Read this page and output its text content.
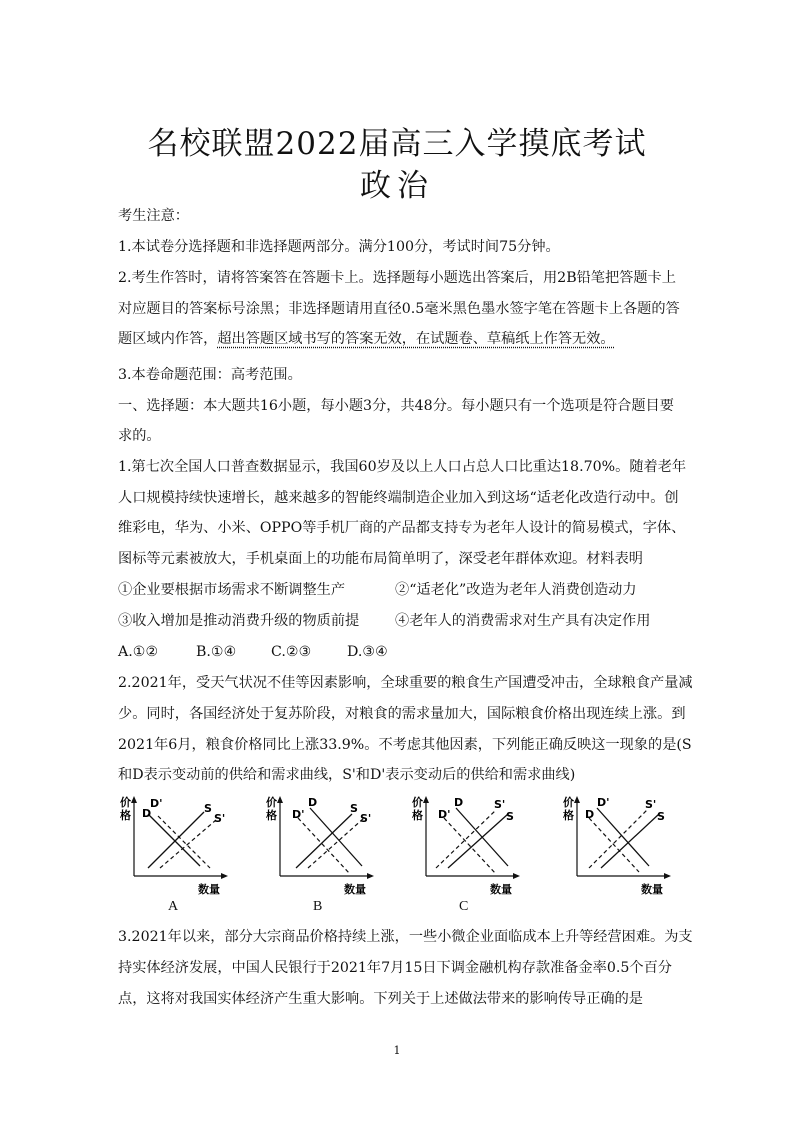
名校联盟2022届高三入学摸底考试
政治
考生注意：
1.本试卷分选择题和非选择题两部分。满分100分，考试时间75分钟。
2.考生作答时，请将答案答在答题卡上。选择题每小题选出答案后，用2B铅笔把答题卡上
对应题目的答案标号涂黑；非选择题请用直径0.5毫米黑色墨水签字笔在答题卡上各题的答
题区域内作答，超出答题区域书写的答案无效，在试题卷、草稿纸上作答无效。
3.本卷命题范围：高考范围。
一、选择题：本大题共16小题，每小题3分，共48分。每小题只有一个选项是符合题目要
求的。
1.第七次全国人口普查数据显示，我国60岁及以上人口占总人口比重达18.70%。随着老年
人口规模持续快速增长，越来越多的智能终端制造企业加入到这场“适老化改造行动中。创
维彩电，华为、小米、OPPO等手机厂商的产品都支持专为老年人设计的简易模式，字体、
图标等元素被放大，手机桌面上的功能布局简单明了，深受老年群体欢迎。材料表明
①企业要根据市场需求不断调整生产	②“适老化”改造为老年人消费创造动力
③收入增加是推动消费升级的物质前提	④老年人的消费需求对生产具有决定作用
A.①②	B.①④ C.②③	D.③④
2.2021年，受天气状况不佳等因素影响，全球重要的粮食生产国遭受冲击，全球粮食产量减
少。同时，各国经济处于复苏阶段，对粮食的需求量加大，国际粮食价格出现连续上涨。到
2021年6月，粮食价格同比上涨33.9%。不考虑其他因素，下列能正确反映这一现象的是(S
和D表示变动前的供给和需求曲线，S'和D'表示变动后的供给和需求曲线)
价
格
D'
D	S
S'
数量
A
价
格
D
D'	S
S'
数量
B
价
格
D
D'
S'
S
数量
C
价
格
D'
D
S'
S
数量
3.2021年以来，部分大宗商品价格持续上涨，一些小微企业面临成本上升等经营困难。为支
持实体经济发展，中国人民银行于2021年7月15日下调金融机构存款准备金率0.5个百分
点，这将对我国实体经济产生重大影响。下列关于上述做法带来的影响传导正确的是
1
